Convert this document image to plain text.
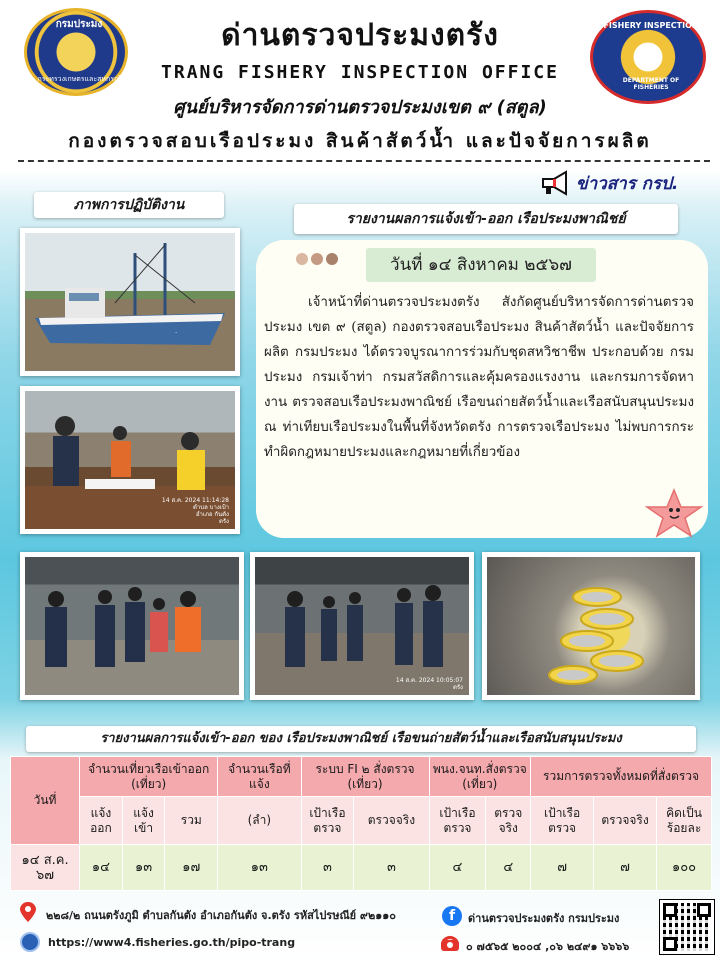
กรมประมง
กระทรวงเกษตรและสหกรณ์
ด่านตรวจประมงตรัง
TRANG FISHERY INSPECTION OFFICE
FISHERY INSPECTION
DEPARTMENT OF FISHERIES
ศูนย์บริหารจัดการด่านตรวจประมงเขต ๙ (สตูล)
กองตรวจสอบเรือประมง สินค้าสัตว์น้ำ และปัจจัยการผลิต
ข่าวสาร กรป.
ภาพการปฏิบัติงาน
รายงานผลการแจ้งเข้า-ออก เรือประมงพาณิชย์
.
14 ส.ค. 2024 11:14:28
ตำบล บางเป้า
อำเภอ กันตัง
ตรัง
14 ส.ค. 2024 10:05:07
ตรัง
วันที่ ๑๔ สิงหาคม ๒๕๖๗

เจ้าหน้าที่ด่านตรวจประมงตรัง สังกัดศูนย์บริหารจัดการด่านตรวจประมง เขต ๙ (สตูล) กองตรวจสอบเรือประมง สินค้าสัตว์น้ำ และปัจจัยการผลิต กรมประมง ได้ตรวจบูรณาการร่วมกับชุดสหวิชาชีพ ประกอบด้วย กรมประมง กรมเจ้าท่า กรมสวัสดิการและคุ้มครองแรงงาน และกรมการจัดหางาน ตรวจสอบเรือประมงพาณิชย์ เรือขนถ่ายสัตว์น้ำและเรือสนับสนุนประมง ณ ท่าเทียบเรือประมงในพื้นที่จังหวัดตรัง การตรวจเรือประมง ไม่พบการกระทำผิดกฎหมายประมงและกฎหมายที่เกี่ยวข้อง

รายงานผลการแจ้งเข้า-ออก ของ เรือประมงพาณิชย์ เรือขนถ่ายสัตว์น้ำและเรือสนับสนุนประมง
วันที่	จำนวนเที่ยวเรือเข้าออก (เที่ยว)			จำนวนเรือที่แจ้ง	ระบบ FI ๒ สั่งตรวจ (เที่ยว)		พนง.จนท.สั่งตรวจ (เที่ยว)		รวมการตรวจทั้งหมดที่สั่งตรวจ		
	แจ้งออก	แจ้งเข้า	รวม	(ลำ)	เป้าเรือตรวจ	ตรวจจริง	เป้าเรือตรวจ	ตรวจจริง	เป้าเรือตรวจ	ตรวจจริง	คิดเป็นร้อยละ
๑๔ ส.ค. ๖๗	๑๔	๑๓	๑๗	๑๓	๓	๓	๔	๔	๗	๗	๑๐๐
๒๒๘/๒ ถนนตรังภูมิ ตำบลกันตัง อำเภอกันตัง จ.ตรัง รหัสไปรษณีย์ ๙๒๑๑๐	f	ด่านตรวจประมงตรัง กรมประมง
https://www4.fisheries.go.th/pipo-trang	๐ ๗๕๖๕ ๒๐๐๔ ,๐๖ ๒๔๙๑ ๖๖๖๖
